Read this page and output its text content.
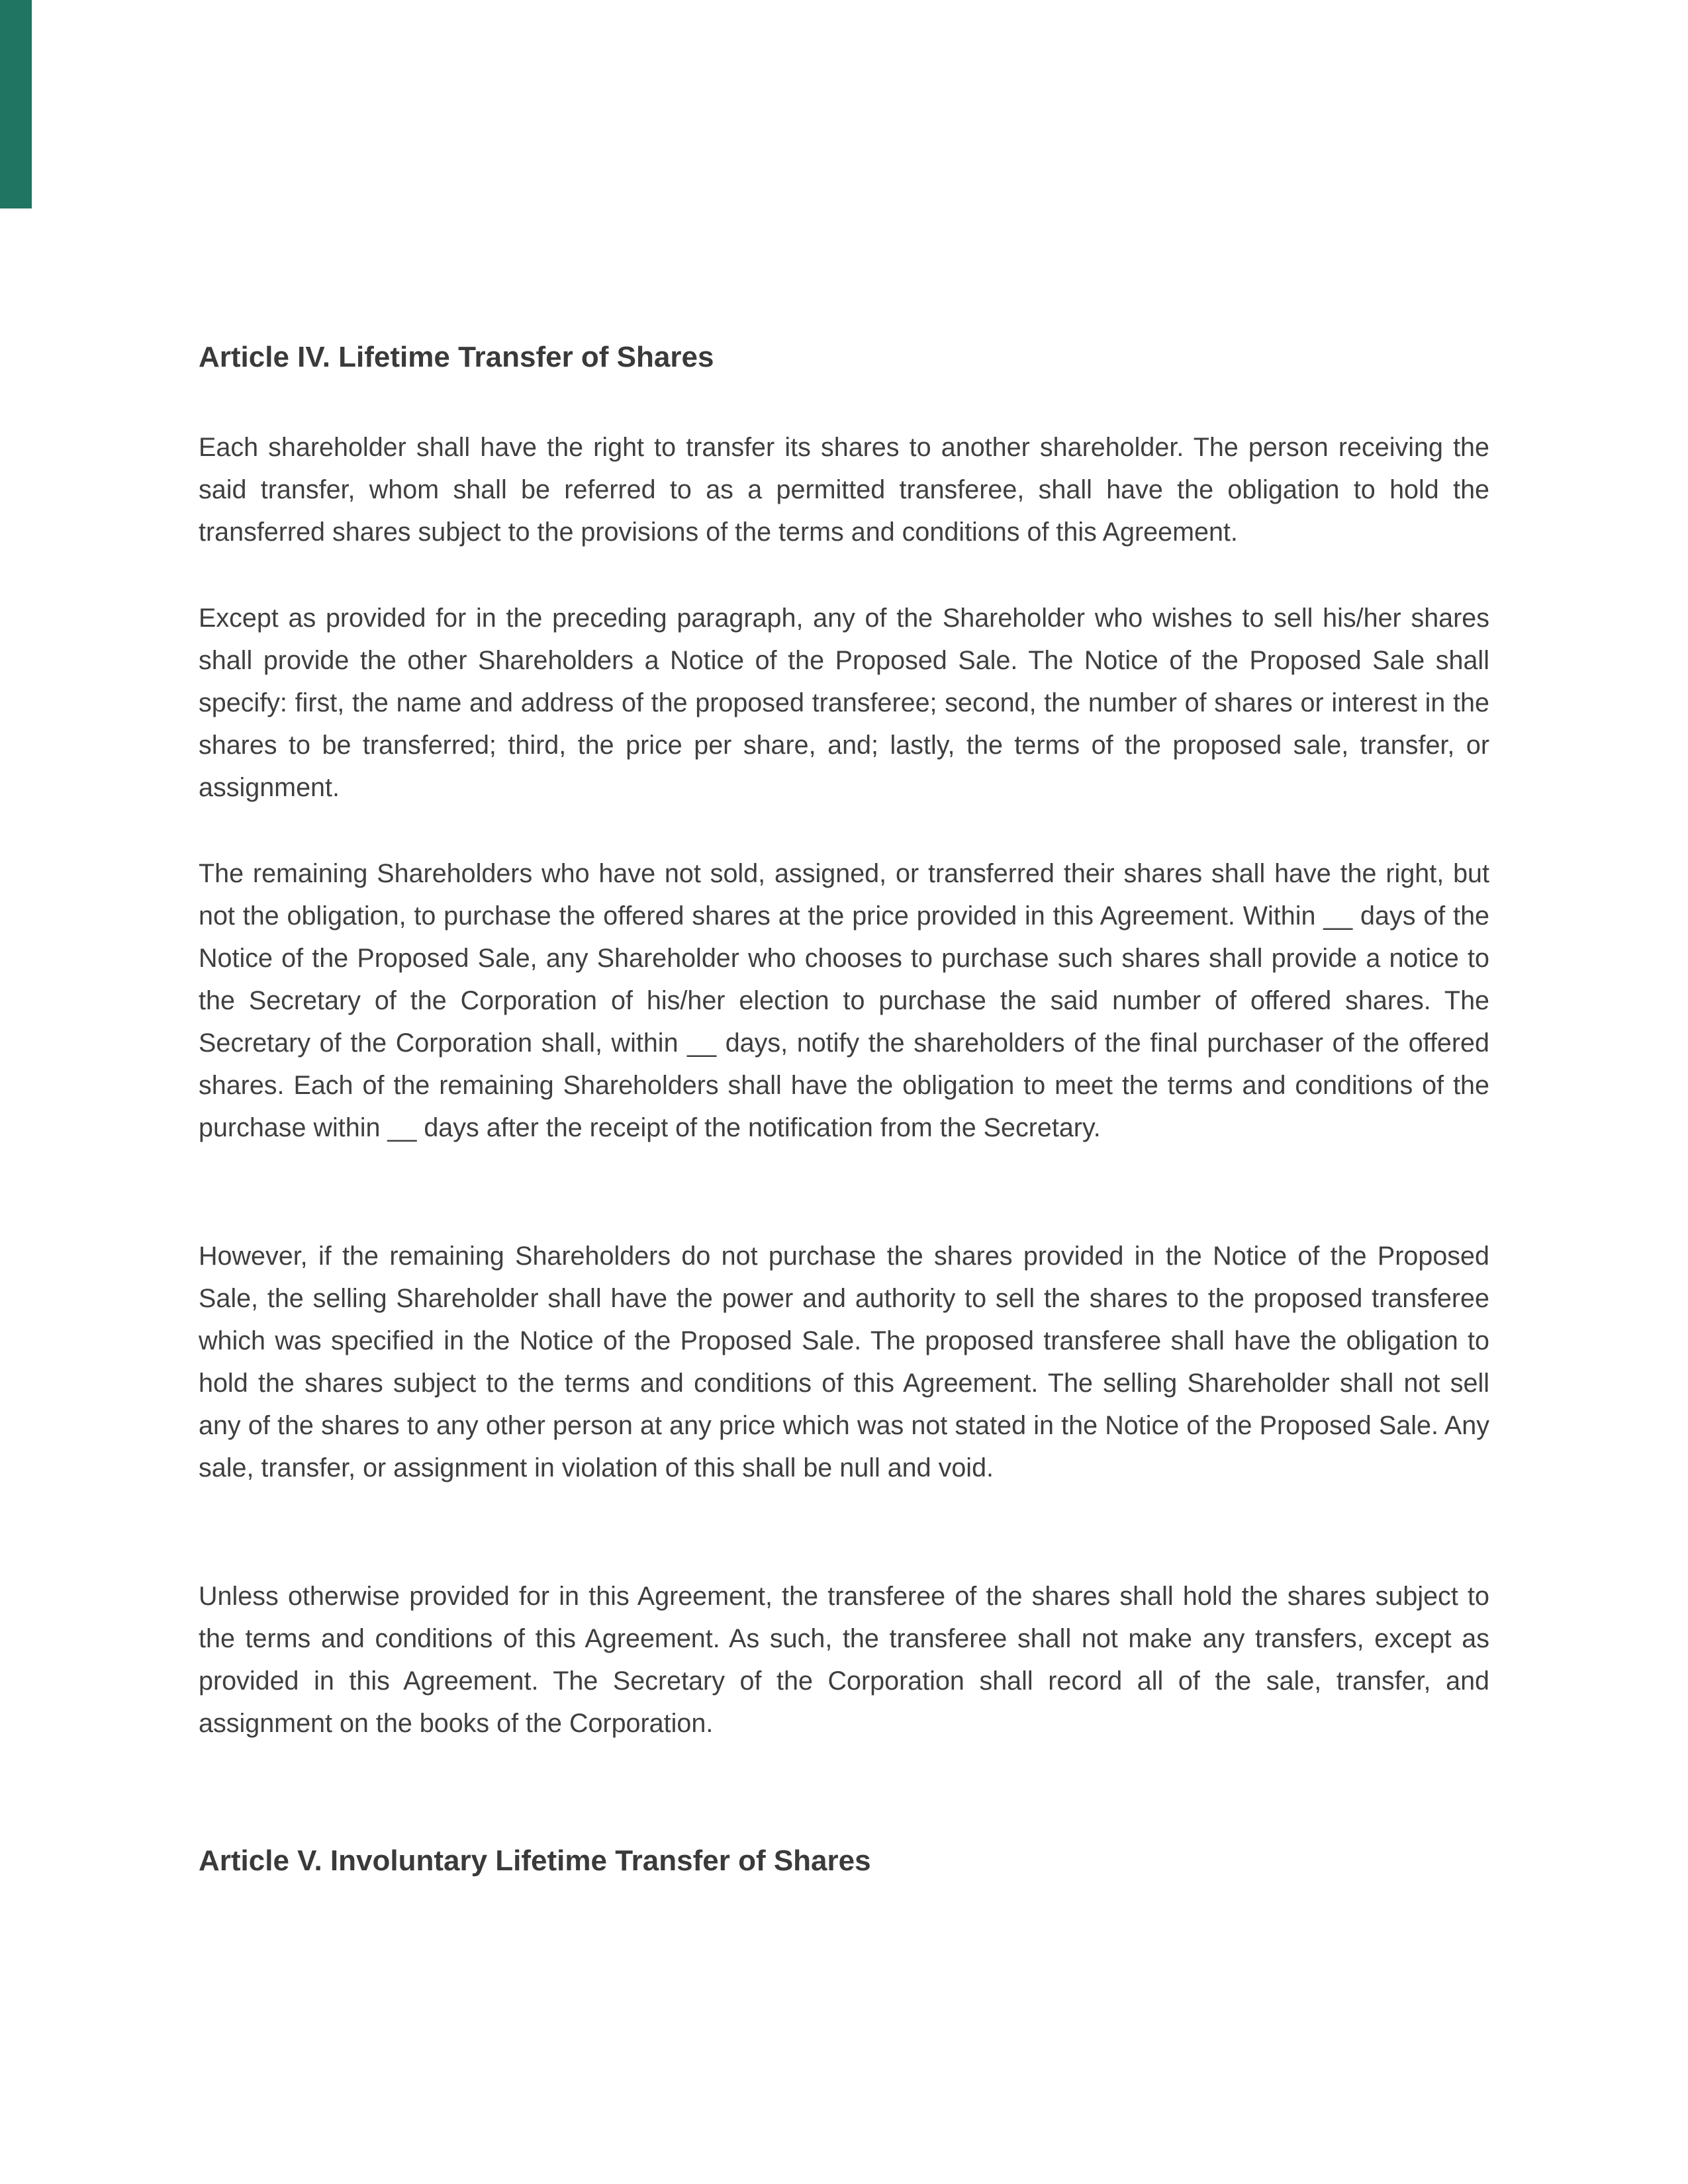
Article IV. Lifetime Transfer of Shares

Each shareholder shall have the right to transfer its shares to another shareholder. The person receiving the said transfer, whom shall be referred to as a permitted transferee, shall have the obligation to hold the transferred shares subject to the provisions of the terms and conditions of this Agreement.

Except as provided for in the preceding paragraph, any of the Shareholder who wishes to sell his/her shares shall provide the other Shareholders a Notice of the Proposed Sale. The Notice of the Proposed Sale shall specify: first, the name and address of the proposed transferee; second, the number of shares or interest in the shares to be transferred; third, the price per share, and; lastly, the terms of the proposed sale, transfer, or assignment.

The remaining Shareholders who have not sold, assigned, or transferred their shares shall have the right, but not the obligation, to purchase the offered shares at the price provided in this Agreement. Within __ days of the Notice of the Proposed Sale, any Shareholder who chooses to purchase such shares shall provide a notice to the Secretary of the Corporation of his/her election to purchase the said number of offered shares. The Secretary of the Corporation shall, within __ days, notify the shareholders of the final purchaser of the offered shares. Each of the remaining Shareholders shall have the obligation to meet the terms and conditions of the purchase within __ days after the receipt of the notification from the Secretary.

However, if the remaining Shareholders do not purchase the shares provided in the Notice of the Proposed Sale, the selling Shareholder shall have the power and authority to sell the shares to the proposed transferee which was specified in the Notice of the Proposed Sale. The proposed transferee shall have the obligation to hold the shares subject to the terms and conditions of this Agreement. The selling Shareholder shall not sell any of the shares to any other person at any price which was not stated in the Notice of the Proposed Sale. Any sale, transfer, or assignment in violation of this shall be null and void.

Unless otherwise provided for in this Agreement, the transferee of the shares shall hold the shares subject to the terms and conditions of this Agreement. As such, the transferee shall not make any transfers, except as provided in this Agreement. The Secretary of the Corporation shall record all of the sale, transfer, and assignment on the books of the Corporation.

Article V. Involuntary Lifetime Transfer of Shares
